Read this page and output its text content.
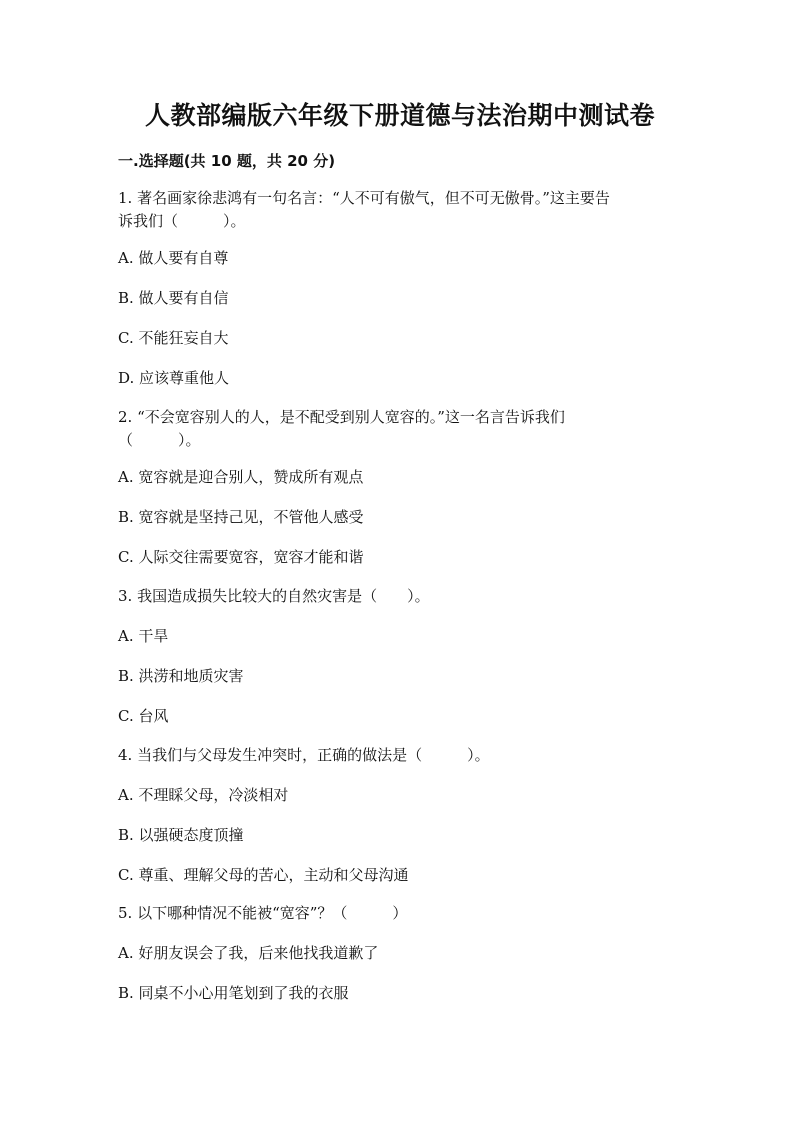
人教部编版六年级下册道德与法治期中测试卷
一.选择题(共 10 题，共 20 分)
1. 著名画家徐悲鸿有一句名言：“人不可有傲气，但不可无傲骨。”这主要告
诉我们（　　　）。
A. 做人要有自尊
B. 做人要有自信
C. 不能狂妄自大
D. 应该尊重他人
2. “不会宽容别人的人，是不配受到别人宽容的。”这一名言告诉我们
（　　　）。
A. 宽容就是迎合别人，赞成所有观点
B. 宽容就是坚持己见，不管他人感受
C. 人际交往需要宽容，宽容才能和谐
3. 我国造成损失比较大的自然灾害是（　　）。
A. 干旱
B. 洪涝和地质灾害
C. 台风
4. 当我们与父母发生冲突时，正确的做法是（　　　）。
A. 不理睬父母，冷淡相对
B. 以强硬态度顶撞
C. 尊重、理解父母的苦心，主动和父母沟通
5. 以下哪种情况不能被“宽容”？（　　　）
A. 好朋友误会了我，后来他找我道歉了
B. 同桌不小心用笔划到了我的衣服
